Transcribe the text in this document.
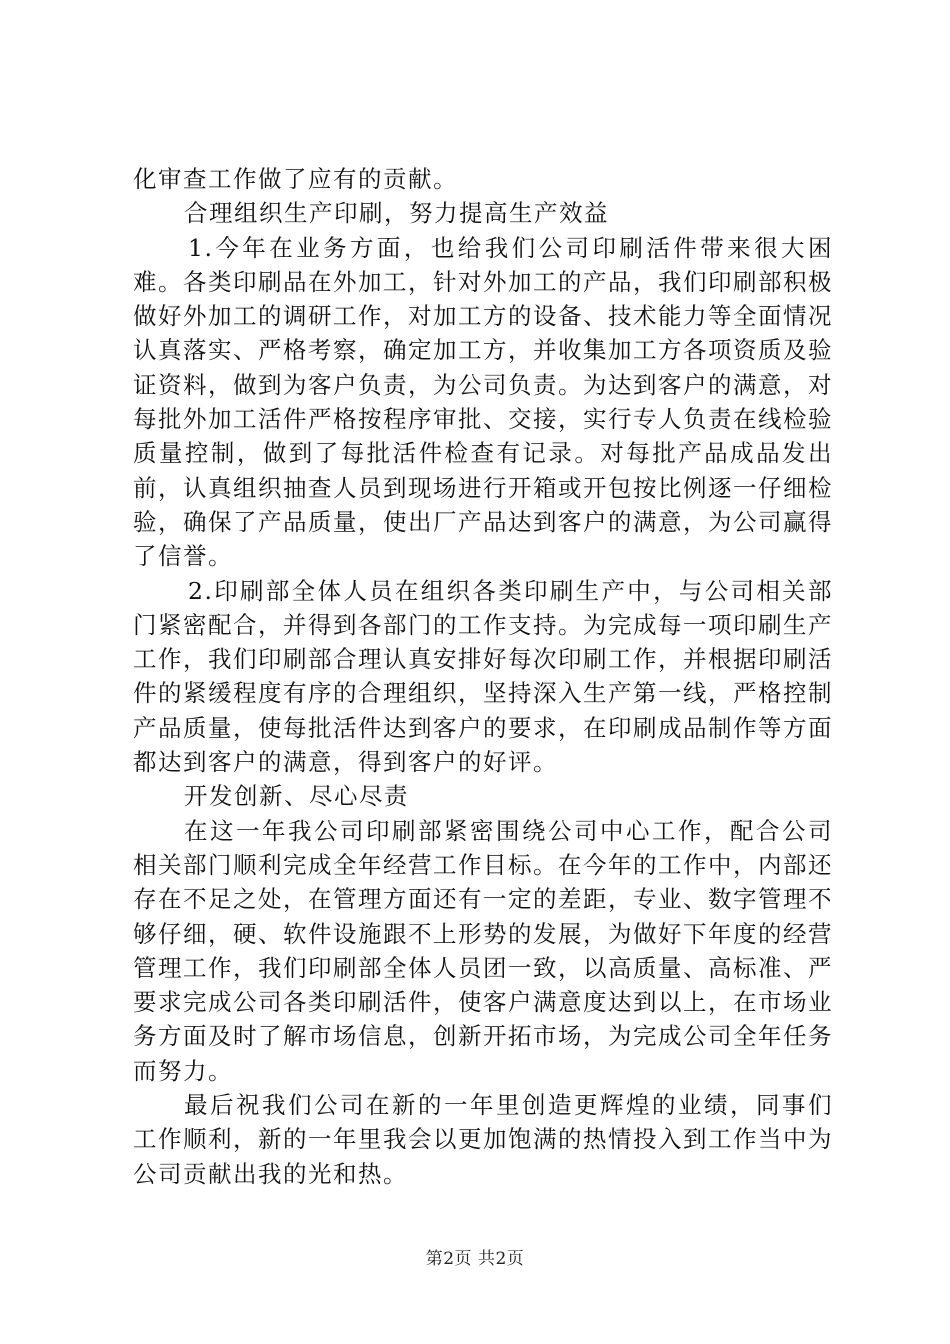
化审查工作做了应有的贡献。

合理组织生产印刷，努力提高生产效益

1.今年在业务方面，也给我们公司印刷活件带来很大困难。各类印刷品在外加工，针对外加工的产品，我们印刷部积极做好外加工的调研工作，对加工方的设备、技术能力等全面情况认真落实、严格考察，确定加工方，并收集加工方各项资质及验证资料，做到为客户负责，为公司负责。为达到客户的满意，对每批外加工活件严格按程序审批、交接，实行专人负责在线检验质量控制，做到了每批活件检查有记录。对每批产品成品发出前，认真组织抽查人员到现场进行开箱或开包按比例逐一仔细检验，确保了产品质量，使出厂产品达到客户的满意，为公司赢得了信誉。

2.印刷部全体人员在组织各类印刷生产中，与公司相关部门紧密配合，并得到各部门的工作支持。为完成每一项印刷生产工作，我们印刷部合理认真安排好每次印刷工作，并根据印刷活件的紧缓程度有序的合理组织，坚持深入生产第一线，严格控制产品质量，使每批活件达到客户的要求，在印刷成品制作等方面都达到客户的满意，得到客户的好评。

开发创新、尽心尽责

在这一年我公司印刷部紧密围绕公司中心工作，配合公司相关部门顺利完成全年经营工作目标。在今年的工作中，内部还存在不足之处，在管理方面还有一定的差距，专业、数字管理不够仔细，硬、软件设施跟不上形势的发展，为做好下年度的经营管理工作，我们印刷部全体人员团一致，以高质量、高标准、严要求完成公司各类印刷活件，使客户满意度达到以上，在市场业务方面及时了解市场信息，创新开拓市场，为完成公司全年任务而努力。

最后祝我们公司在新的一年里创造更辉煌的业绩，同事们工作顺利，新的一年里我会以更加饱满的热情投入到工作当中为公司贡献出我的光和热。

第2页 共2页
